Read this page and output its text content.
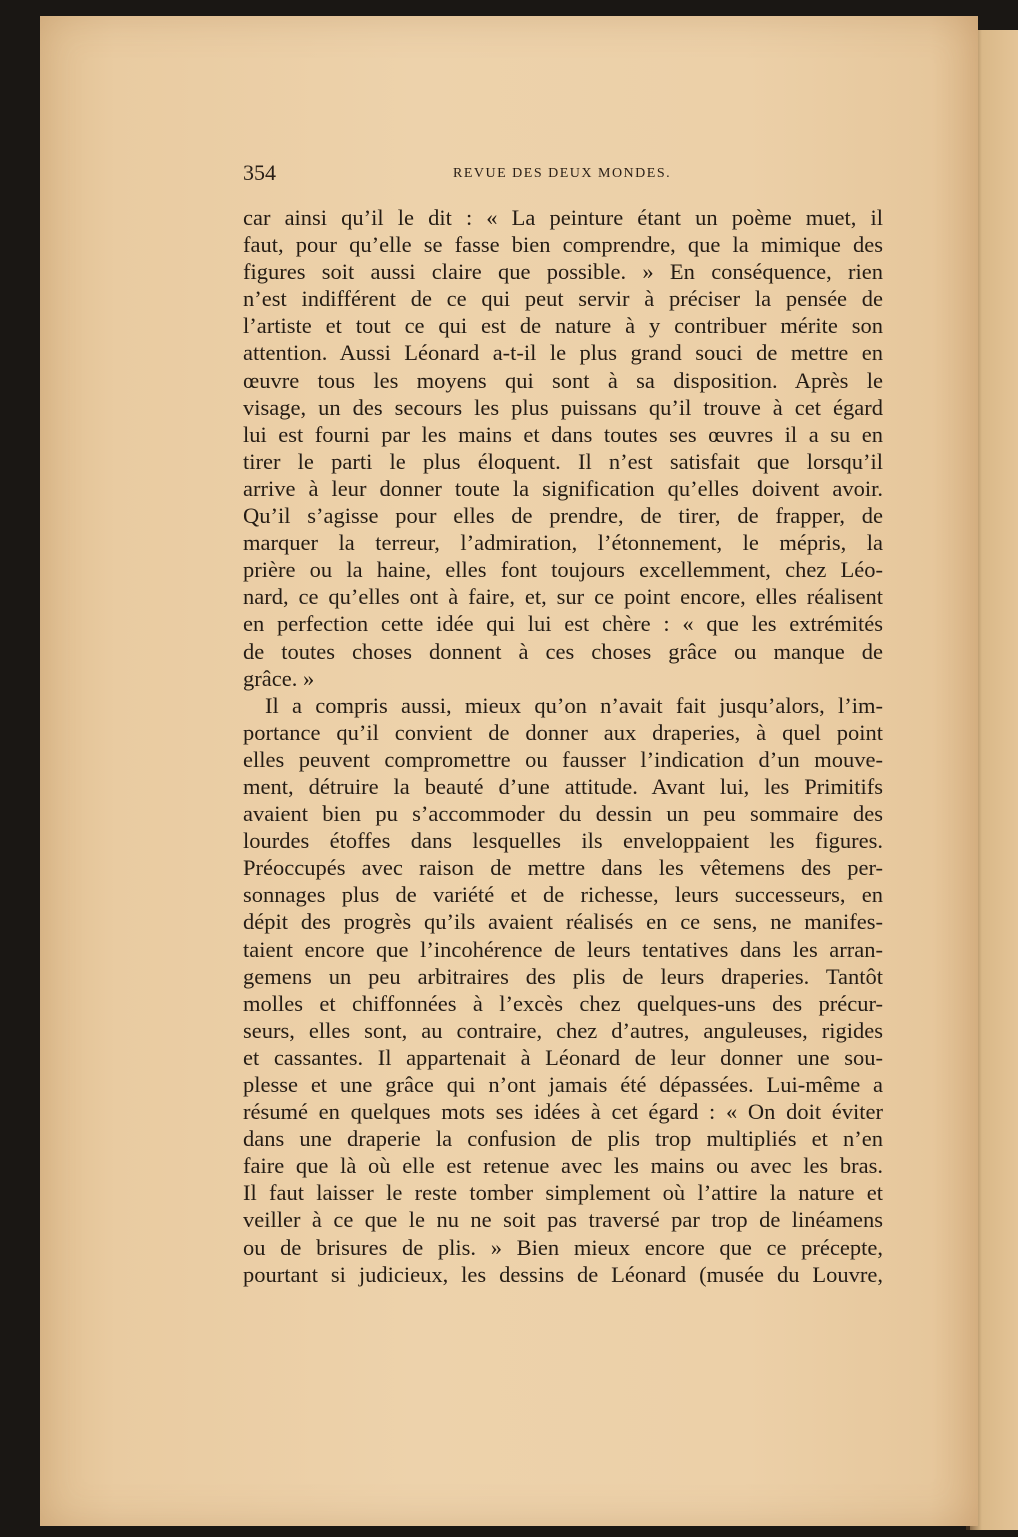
354	REVUE DES DEUX MONDES.
car ainsi qu’il le dit : « La peinture étant un poème muet, il
faut, pour qu’elle se fasse bien comprendre, que la mimique des
figures soit aussi claire que possible. » En conséquence, rien
n’est indifférent de ce qui peut servir à préciser la pensée de
l’artiste et tout ce qui est de nature à y contribuer mérite son
attention. Aussi Léonard a-t-il le plus grand souci de mettre en
œuvre tous les moyens qui sont à sa disposition. Après le
visage, un des secours les plus puissans qu’il trouve à cet égard
lui est fourni par les mains et dans toutes ses œuvres il a su en
tirer le parti le plus éloquent. Il n’est satisfait que lorsqu’il
arrive à leur donner toute la signification qu’elles doivent avoir.
Qu’il s’agisse pour elles de prendre, de tirer, de frapper, de
marquer la terreur, l’admiration, l’étonnement, le mépris, la
prière ou la haine, elles font toujours excellemment, chez Léo-
nard, ce qu’elles ont à faire, et, sur ce point encore, elles réalisent
en perfection cette idée qui lui est chère : « que les extrémités
de toutes choses donnent à ces choses grâce ou manque de
grâce. »
Il a compris aussi, mieux qu’on n’avait fait jusqu’alors, l’im-
portance qu’il convient de donner aux draperies, à quel point
elles peuvent compromettre ou fausser l’indication d’un mouve-
ment, détruire la beauté d’une attitude. Avant lui, les Primitifs
avaient bien pu s’accommoder du dessin un peu sommaire des
lourdes étoffes dans lesquelles ils enveloppaient les figures.
Préoccupés avec raison de mettre dans les vêtemens des per-
sonnages plus de variété et de richesse, leurs successeurs, en
dépit des progrès qu’ils avaient réalisés en ce sens, ne manifes-
taient encore que l’incohérence de leurs tentatives dans les arran-
gemens un peu arbitraires des plis de leurs draperies. Tantôt
molles et chiffonnées à l’excès chez quelques-uns des précur-
seurs, elles sont, au contraire, chez d’autres, anguleuses, rigides
et cassantes. Il appartenait à Léonard de leur donner une sou-
plesse et une grâce qui n’ont jamais été dépassées. Lui-même a
résumé en quelques mots ses idées à cet égard : « On doit éviter
dans une draperie la confusion de plis trop multipliés et n’en
faire que là où elle est retenue avec les mains ou avec les bras.
Il faut laisser le reste tomber simplement où l’attire la nature et
veiller à ce que le nu ne soit pas traversé par trop de linéamens
ou de brisures de plis. » Bien mieux encore que ce précepte,
pourtant si judicieux, les dessins de Léonard (musée du Louvre,
